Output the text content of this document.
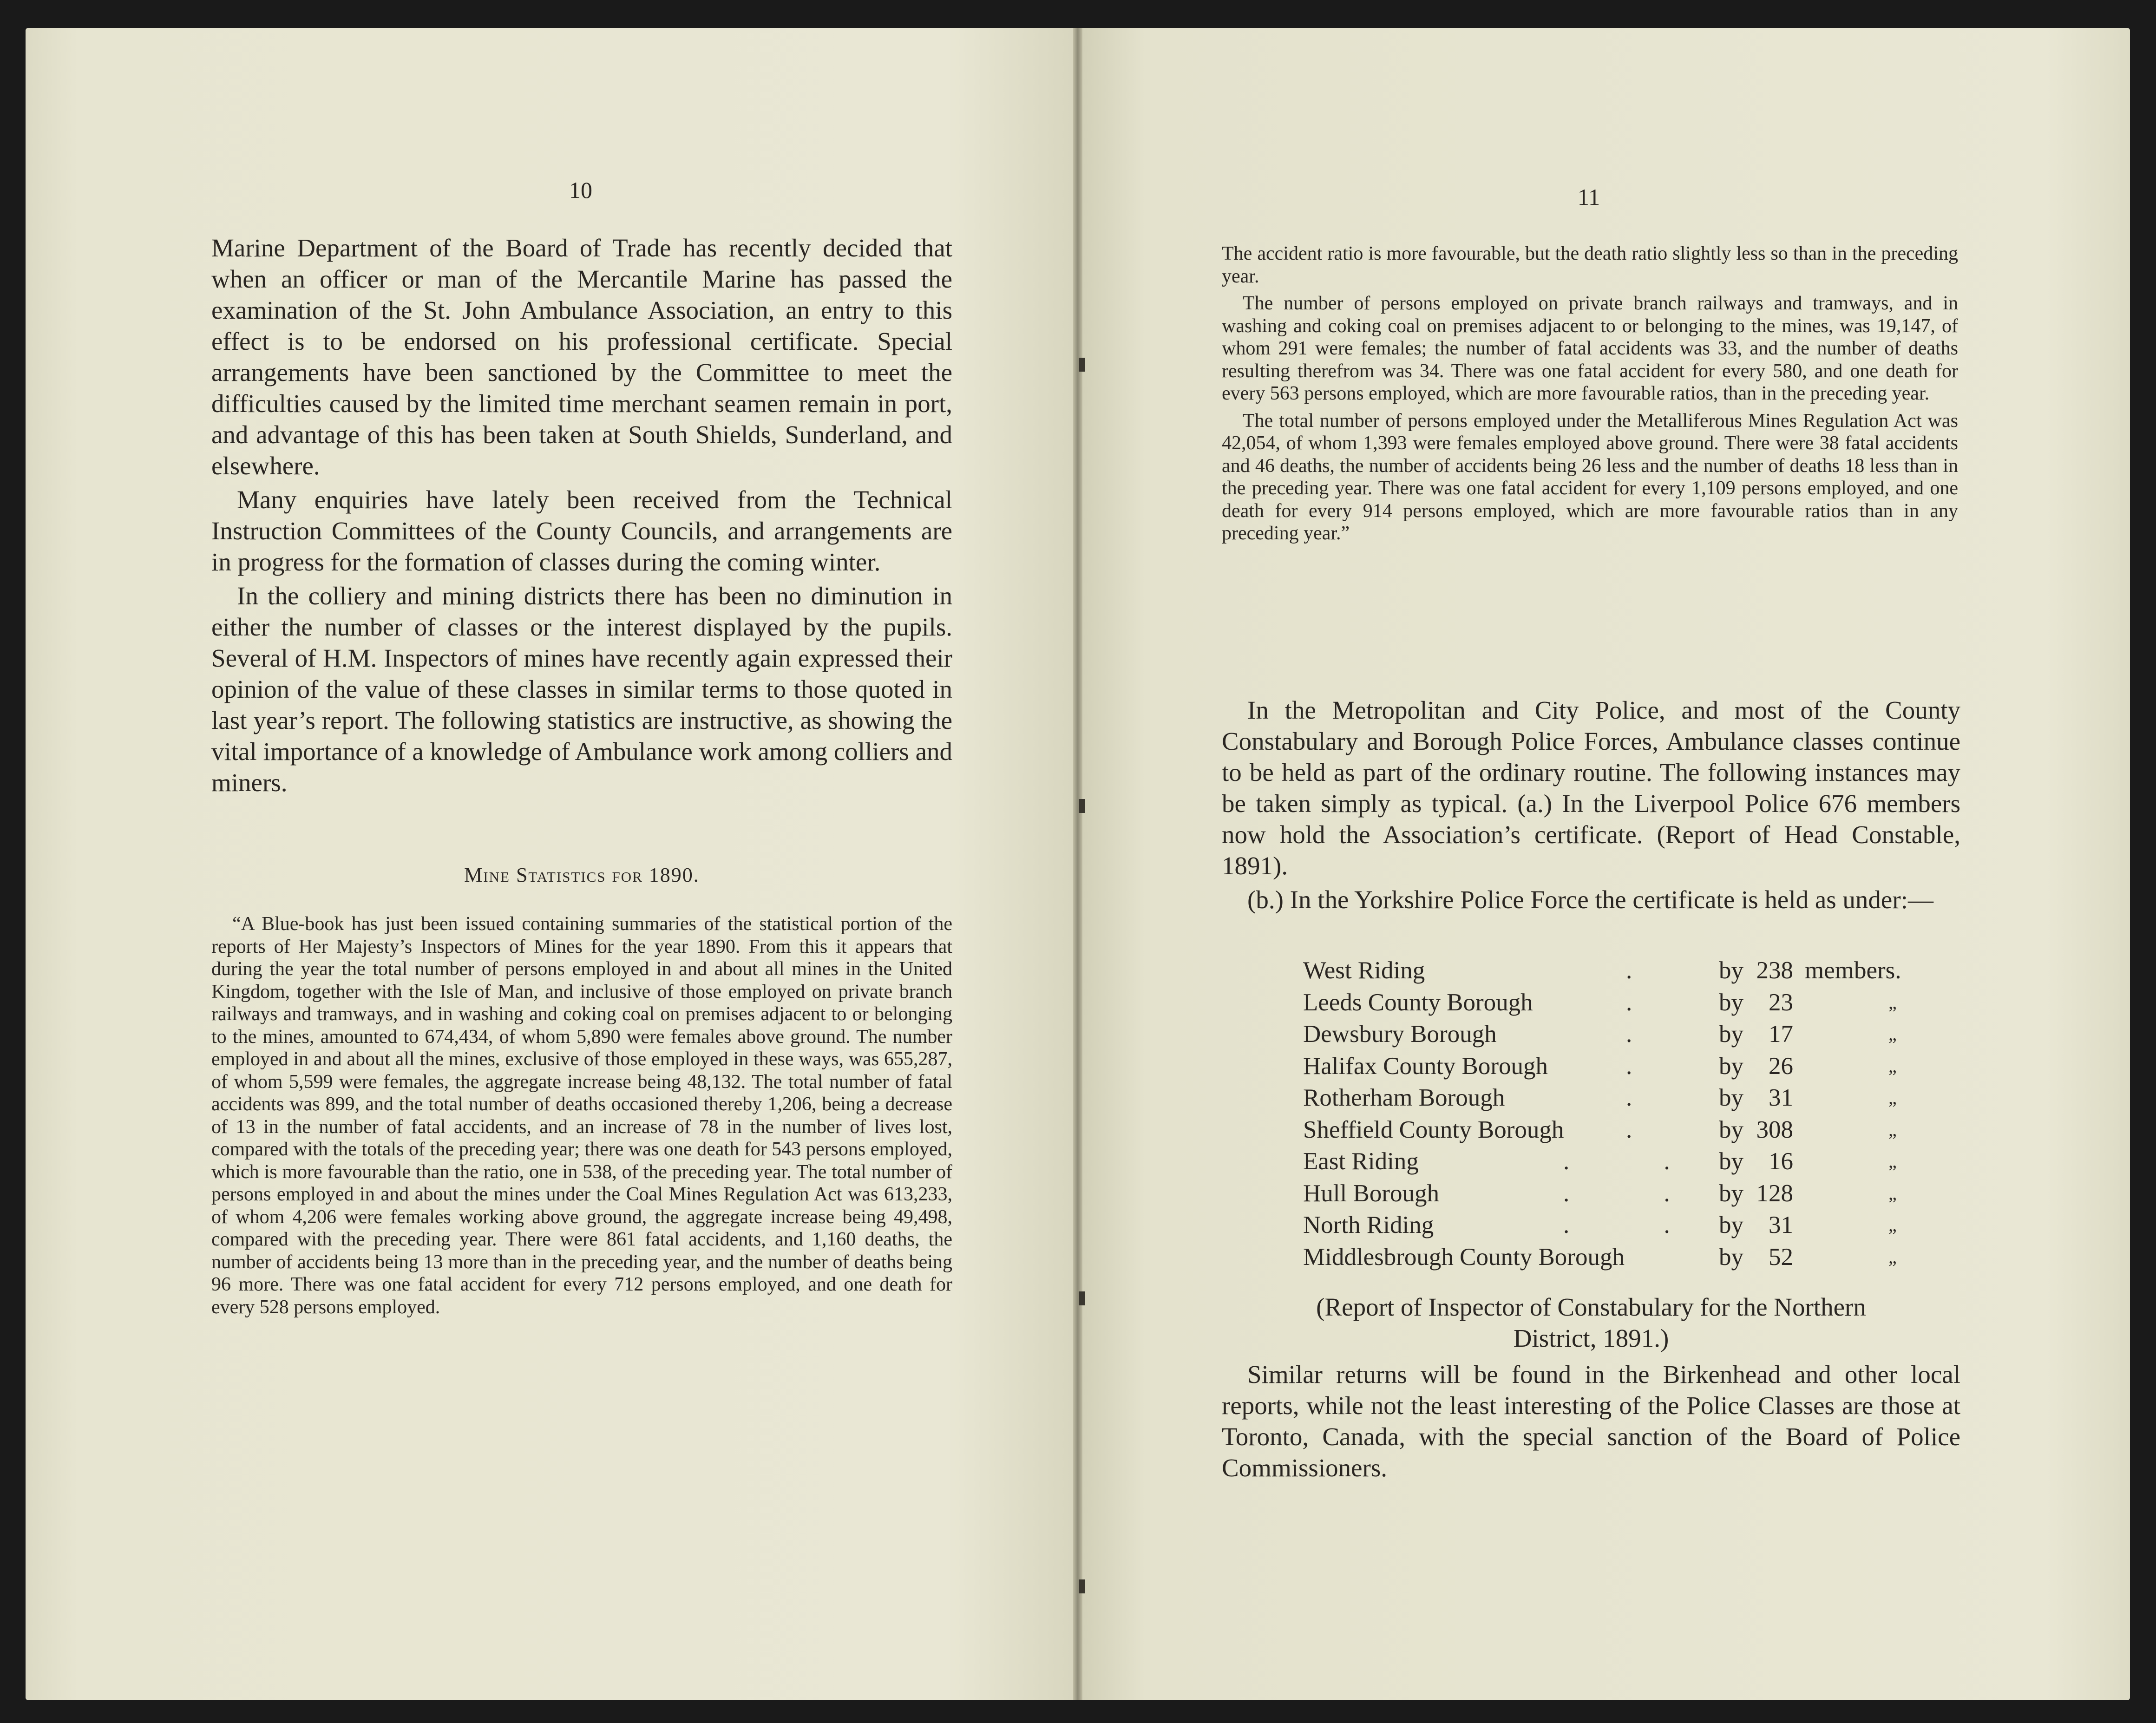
10

Marine Department of the Board of Trade has recently decided that when an officer or man of the Mercantile Marine has passed the examination of the St. John Ambulance Association, an entry to this effect is to be endorsed on his professional certificate. Special arrangements have been sanctioned by the Committee to meet the difficulties caused by the limited time merchant seamen remain in port, and advantage of this has been taken at South Shields, Sunderland, and elsewhere.

Many enquiries have lately been received from the Technical Instruction Committees of the County Councils, and arrangements are in progress for the formation of classes during the coming winter.

In the colliery and mining districts there has been no diminution in either the number of classes or the interest displayed by the pupils. Several of H.M. Inspectors of mines have recently again expressed their opinion of the value of these classes in similar terms to those quoted in last year’s report. The following statistics are instructive, as showing the vital importance of a knowledge of Ambulance work among colliers and miners.

Mine Statistics for 1890.

“A Blue-book has just been issued containing summaries of the statistical portion of the reports of Her Majesty’s Inspectors of Mines for the year 1890. From this it appears that during the year the total number of persons employed in and about all mines in the United Kingdom, together with the Isle of Man, and inclusive of those employed on private branch railways and tramways, and in washing and coking coal on premises adjacent to or belonging to the mines, amounted to 674,434, of whom 5,890 were females above ground. The number employed in and about all the mines, exclusive of those employed in these ways, was 655,287, of whom 5,599 were females, the aggregate increase being 48,132. The total number of fatal accidents was 899, and the total number of deaths occasioned thereby 1,206, being a decrease of 13 in the number of fatal accidents, and an increase of 78 in the number of lives lost, compared with the totals of the preceding year; there was one death for 543 persons employed, which is more favourable than the ratio, one in 538, of the preceding year. The total number of persons employed in and about the mines under the Coal Mines Regulation Act was 613,233, of whom 4,206 were females working above ground, the aggregate increase being 49,498, compared with the preceding year. There were 861 fatal accidents, and 1,160 deaths, the number of accidents being 13 more than in the preceding year, and the number of deaths being 96 more. There was one fatal accident for every 712 persons employed, and one death for every 528 persons employed.

11

The accident ratio is more favourable, but the death ratio slightly less so than in the preceding year.

The number of persons employed on private branch railways and tramways, and in washing and coking coal on premises adjacent to or belonging to the mines, was 19,147, of whom 291 were females; the number of fatal accidents was 33, and the number of deaths resulting therefrom was 34. There was one fatal accident for every 580, and one death for every 563 persons employed, which are more favourable ratios, than in the preceding year.

The total number of persons employed under the Metalliferous Mines Regulation Act was 42,054, of whom 1,393 were females employed above ground. There were 38 fatal accidents and 46 deaths, the number of accidents being 26 less and the number of deaths 18 less than in the preceding year. There was one fatal accident for every 1,109 persons employed, and one death for every 914 persons employed, which are more favourable ratios than in any preceding year.”

In the Metropolitan and City Police, and most of the County Constabulary and Borough Police Forces, Ambulance classes continue to be held as part of the ordinary routine. The following instances may be taken simply as typical. (a.) In the Liverpool Police 676 members now hold the Association’s certificate. (Report of Head Constable, 1891).

(b.) In the Yorkshire Police Force the certificate is held as under:—

West Riding	.	by 238 members.
Leeds County Borough	.	by	23	„
Dewsbury Borough	.	by	17	„
Halifax County Borough	.	by	26	„
Rotherham Borough	.	by	31	„
Sheffield County Borough	.	by 308	„
East Riding	. . by	16	„
Hull Borough	. . by 128	„
North Riding	. . by	31	„
Middlesbrough County Borough	by	52	„
(Report of Inspector of Constabulary for the Northern
District, 1891.)

Similar returns will be found in the Birkenhead and other local reports, while not the least interesting of the Police Classes are those at Toronto, Canada, with the special sanction of the Board of Police Commissioners.
